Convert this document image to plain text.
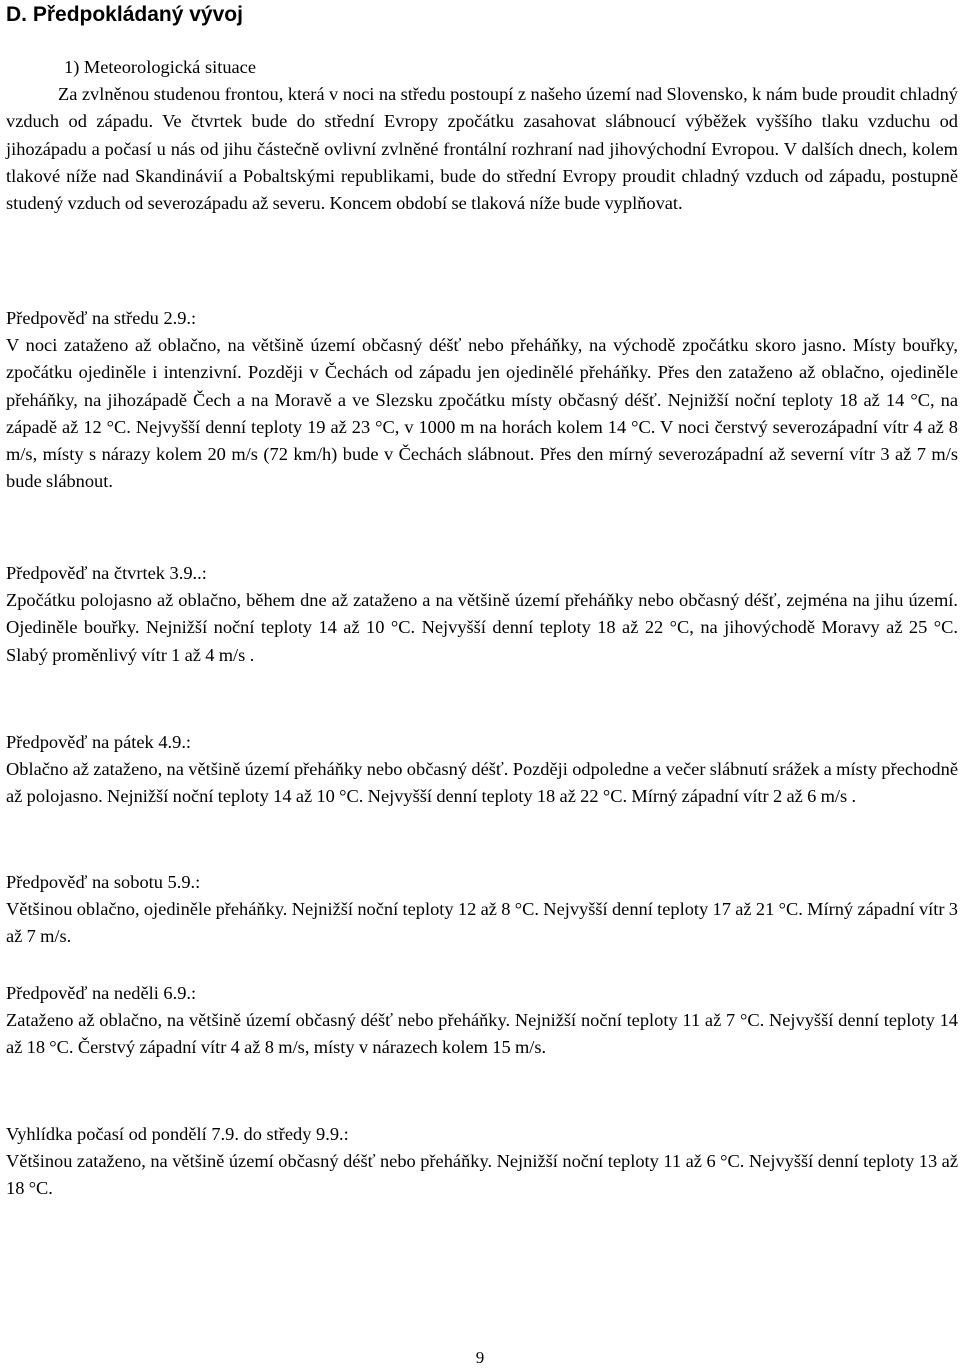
D. Předpokládaný vývoj
1) Meteorologická situace

Za zvlněnou studenou frontou, která v noci na středu postoupí z našeho území nad Slovensko, k nám bude proudit chladný vzduch od západu. Ve čtvrtek bude do střední Evropy zpočátku zasahovat slábnoucí výběžek vyššího tlaku vzduchu od jihozápadu a počasí u nás od jihu částečně ovlivní zvlněné frontální rozhraní nad jihovýchodní Evropou. V dalších dnech, kolem tlakové níže nad Skandinávií a Pobaltskými republikami, bude do střední Evropy proudit chladný vzduch od západu, postupně studený vzduch od severozápadu až severu. Koncem období se tlaková níže bude vyplňovat.

Předpověď na středu 2.9.:

V noci zataženo až oblačno, na většině území občasný déšť nebo přeháňky, na východě zpočátku skoro jasno. Místy bouřky, zpočátku ojediněle i intenzivní. Později v Čechách od západu jen ojedinělé přeháňky. Přes den zataženo až oblačno, ojediněle přeháňky, na jihozápadě Čech a na Moravě a ve Slezsku zpočátku místy občasný déšť. Nejnižší noční teploty 18 až 14 °C, na západě až 12 °C. Nejvyšší denní teploty 19 až 23 °C, v 1000 m na horách kolem 14 °C. V noci čerstvý severozápadní vítr 4 až 8 m/s, místy s nárazy kolem 20 m/s (72 km/h) bude v Čechách slábnout. Přes den mírný severozápadní až severní vítr 3 až 7 m/s bude slábnout.

Předpověď na čtvrtek 3.9..:

Zpočátku polojasno až oblačno, během dne až zataženo a na většině území přeháňky nebo občasný déšť, zejména na jihu území. Ojediněle bouřky. Nejnižší noční teploty 14 až 10 °C. Nejvyšší denní teploty 18 až 22 °C, na jihovýchodě Moravy až 25 °C. Slabý proměnlivý vítr 1 až 4 m/s .

Předpověď na pátek 4.9.:

Oblačno až zataženo, na většině území přeháňky nebo občasný déšť. Později odpoledne a večer slábnutí srážek a místy přechodně až polojasno. Nejnižší noční teploty 14 až 10 °C. Nejvyšší denní teploty 18 až 22 °C. Mírný západní vítr 2 až 6 m/s .

Předpověď na sobotu 5.9.:

Většinou oblačno, ojediněle přeháňky. Nejnižší noční teploty 12 až 8 °C. Nejvyšší denní teploty 17 až 21 °C. Mírný západní vítr 3 až 7 m/s.

Předpověď na neděli 6.9.:

Zataženo až oblačno, na většině území občasný déšť nebo přeháňky. Nejnižší noční teploty 11 až 7 °C. Nejvyšší denní teploty 14 až 18 °C. Čerstvý západní vítr 4 až 8 m/s, místy v nárazech kolem 15 m/s.

Vyhlídka počasí od pondělí 7.9. do středy 9.9.:

Většinou zataženo, na většině území občasný déšť nebo přeháňky. Nejnižší noční teploty 11 až 6 °C. Nejvyšší denní teploty 13 až 18 °C.

9
